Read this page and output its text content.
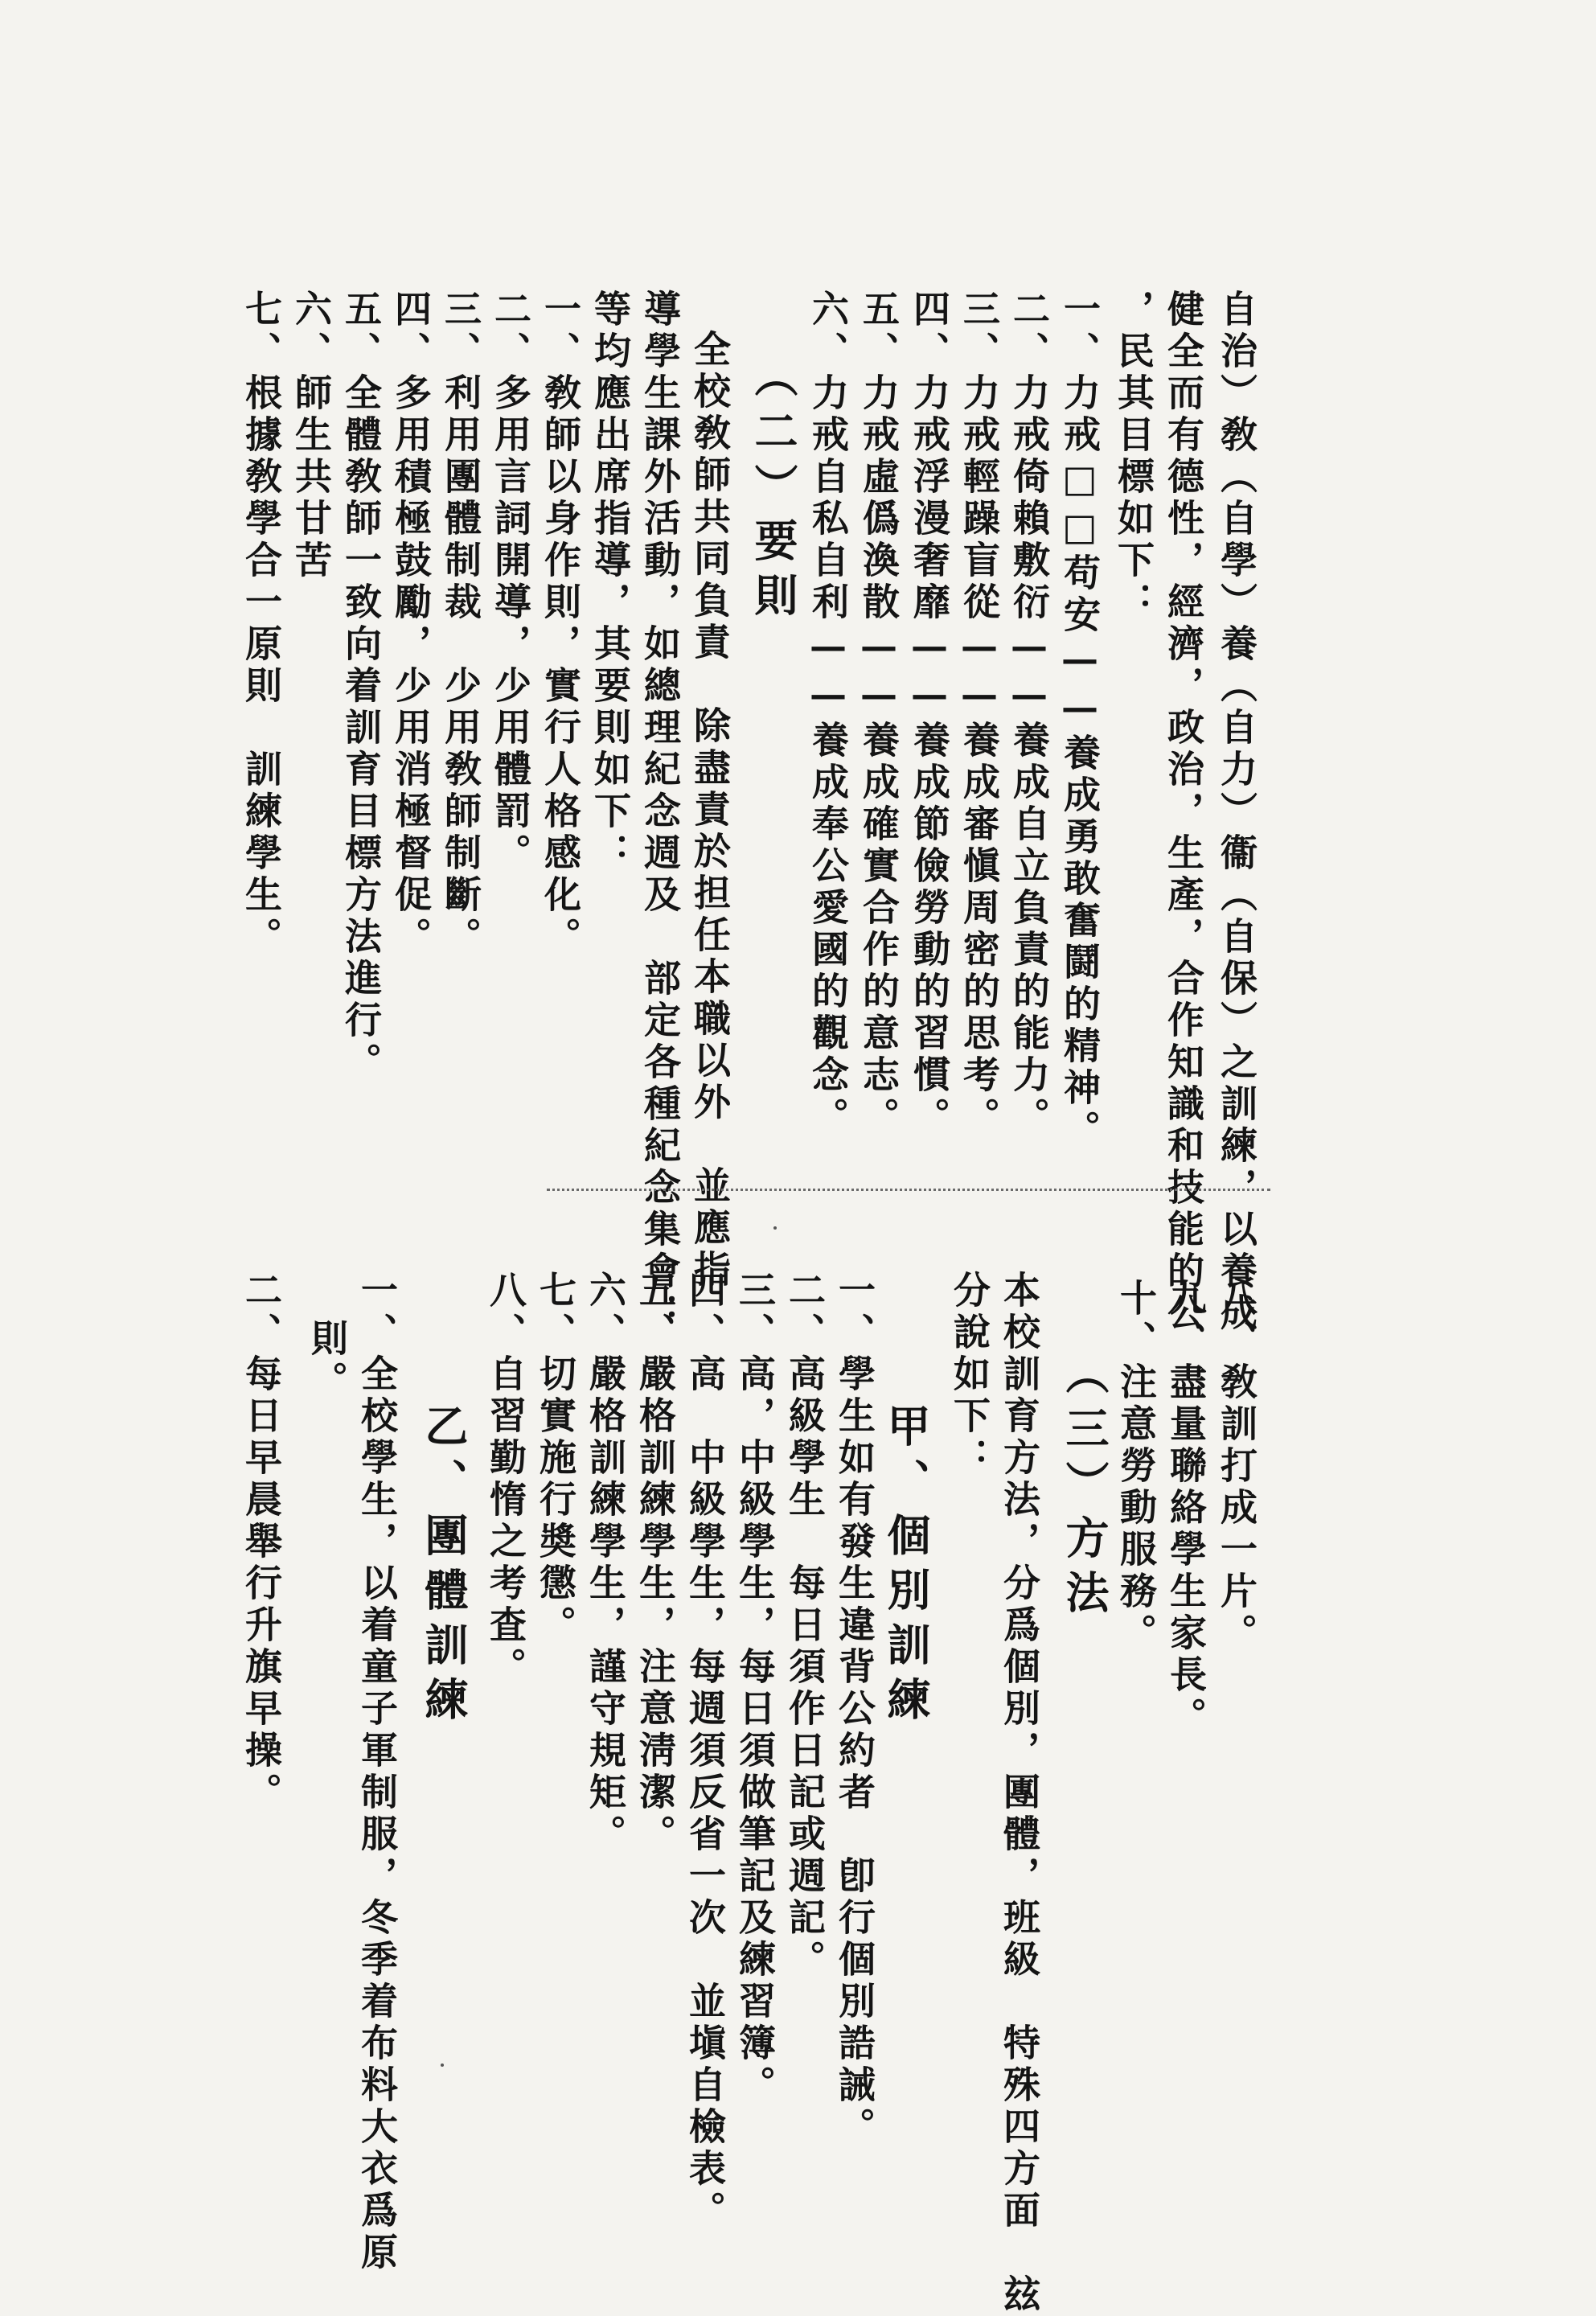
自治）敎（自學）養（自力）衞（自保）之訓練，以養成
健全而有德性，經濟，政治，生產，合作知識和技能的公
，民其目標如下：
一、力戒□□苟安——養成勇敢奮鬪的精神。
二、力戒倚賴敷衍——養成自立負責的能力。
三、力戒輕躁盲從——養成審愼周密的思考。
四、力戒浮漫奢靡——養成節儉勞動的習慣。
五、力戒虛僞渙散——養成確實合作的意志。
六、力戒自私自利——養成奉公愛國的觀念。
（二）要則
全校敎師共同負責　除盡責於担任本職以外　並應指
導學生課外活動，如總理紀念週及　部定各種紀念集會：
等均應出席指導，其要則如下：
一、敎師以身作則，實行人格感化。
二、多用言詞開導，少用體罰。
三、利用團體制裁　少用敎師制斷。
四、多用積極鼓勵，少用消極督促。
五、全體敎師一致向着訓育目標方法進行。
六、師生共甘苦
七、根據敎學合一原則　訓練學生。
八、敎訓打成一片。
九、盡量聯絡學生家長。
十、注意勞動服務。
（三）方法
本校訓育方法，分爲個別，團體，班級　特殊四方面　玆
分說如下：
甲、個別訓練
一、學生如有發生違背公約者　卽行個別誥誡。
二、高級學生　每日須作日記或週記。
三、高，中級學生，每日須做筆記及練習簿。
四、高　中級學生，每週須反省一次　並塡自檢表。
五、嚴格訓練學生，注意淸潔。
六、嚴格訓練學生，謹守規矩。
七、切實施行奬懲。
八、自習勤惰之考査。
乙、團體訓練
一、全校學生，以着童子軍制服，冬季着布料大衣爲原
則。
二、每日早晨舉行升旗早操。
